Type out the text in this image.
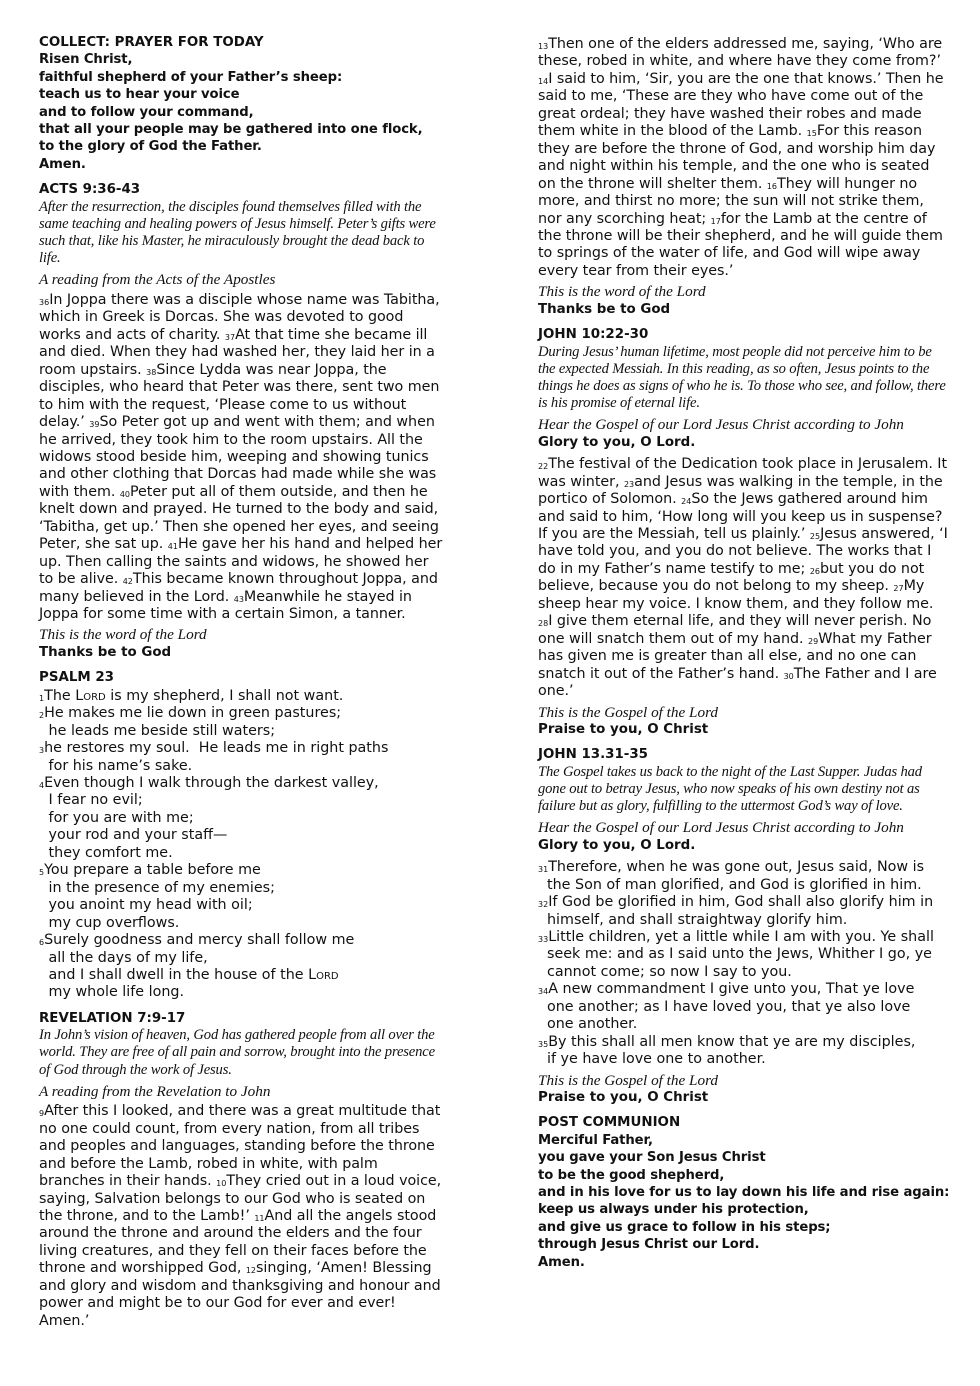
COLLECT: PRAYER FOR TODAY

Risen Christ,
faithful shepherd of your Father’s sheep:
teach us to hear your voice
and to follow your command,
that all your people may be gathered into one flock,
to the glory of God the Father.
Amen.

ACTS 9:36-43

After the resurrection, the disciples found themselves filled with the same teaching and healing powers of Jesus himself. Peter’s gifts were such that, like his Master, he miraculously brought the dead back to life.

A reading from the Acts of the Apostles

$^{36}$In Joppa there was a disciple whose name was Tabitha, which in Greek is Dorcas. She was devoted to good works and acts of charity. $^{37}$At that time she became ill and died. When they had washed her, they laid her in a room upstairs. $^{38}$Since Lydda was near Joppa, the disciples, who heard that Peter was there, sent two men to him with the request, ‘Please come to us without delay.’ $^{39}$So Peter got up and went with them; and when he arrived, they took him to the room upstairs. All the widows stood beside him, weeping and showing tunics and other clothing that Dorcas had made while she was with them. $^{40}$Peter put all of them outside, and then he knelt down and prayed. He turned to the body and said, ‘Tabitha, get up.’ Then she opened her eyes, and seeing Peter, she sat up. $^{41}$He gave her his hand and helped her up. Then calling the saints and widows, he showed her to be alive. $^{42}$This became known throughout Joppa, and many believed in the Lord. $^{43}$Meanwhile he stayed in Joppa for some time with a certain Simon, a tanner.

This is the word of the Lord

Thanks be to God

PSALM 23

$^1$The Lord is my shepherd, I shall not want.
$^2$He makes me lie down in green pastures;
he leads me beside still waters;
$^3$he restores my soul.  He leads me in right paths
for his name’s sake.
$^4$Even though I walk through the darkest valley,
I fear no evil;
for you are with me;
your rod and your staff—
they comfort me.
$^5$You prepare a table before me
in the presence of my enemies;
you anoint my head with oil;
my cup overflows.
$^6$Surely goodness and mercy shall follow me
all the days of my life,
and I shall dwell in the house of the Lord
my whole life long.

REVELATION 7:9-17

In John’s vision of heaven, God has gathered people from all over the world. They are free of all pain and sorrow, brought into the presence of God through the work of Jesus.

A reading from the Revelation to John

$^9$After this I looked, and there was a great multitude that no one could count, from every nation, from all tribes and peoples and languages, standing before the throne and before the Lamb, robed in white, with palm branches in their hands. $^{10}$They cried out in a loud voice, saying, Salvation belongs to our God who is seated on the throne, and to the Lamb!’ $^{11}$And all the angels stood around the throne and around the elders and the four living creatures, and they fell on their faces before the throne and worshipped God, $^{12}$singing, ‘Amen! Blessing and glory and wisdom and thanksgiving and honour and power and might be to our God for ever and ever! Amen.’

$^{13}$Then one of the elders addressed me, saying, ‘Who are these, robed in white, and where have they come from?’ $^{14}$I said to him, ‘Sir, you are the one that knows.’ Then he said to me, ‘These are they who have come out of the great ordeal; they have washed their robes and made them white in the blood of the Lamb. $^{15}$For this reason they are before the throne of God, and worship him day and night within his temple, and the one who is seated on the throne will shelter them. $^{16}$They will hunger no more, and thirst no more; the sun will not strike them, nor any scorching heat; $^{17}$for the Lamb at the centre of the throne will be their shepherd, and he will guide them to springs of the water of life, and God will wipe away every tear from their eyes.’

This is the word of the Lord

Thanks be to God

JOHN 10:22-30

During Jesus’ human lifetime, most people did not perceive him to be the expected Messiah. In this reading, as so often, Jesus points to the things he does as signs of who he is. To those who see, and follow, there is his promise of eternal life.

Hear the Gospel of our Lord Jesus Christ according to John

Glory to you, O Lord.

$^{22}$The festival of the Dedication took place in Jerusalem. It was winter, $^{23}$and Jesus was walking in the temple, in the portico of Solomon. $^{24}$So the Jews gathered around him and said to him, ‘How long will you keep us in suspense? If you are the Messiah, tell us plainly.’ $^{25}$Jesus answered, ‘I have told you, and you do not believe. The works that I do in my Father’s name testify to me; $^{26}$but you do not believe, because you do not belong to my sheep. $^{27}$My sheep hear my voice. I know them, and they follow me. $^{28}$I give them eternal life, and they will never perish. No one will snatch them out of my hand. $^{29}$What my Father has given me is greater than all else, and no one can snatch it out of the Father’s hand. $^{30}$The Father and I are one.’

This is the Gospel of the Lord

Praise to you, O Christ

JOHN 13.31-35

The Gospel takes us back to the night of the Last Supper. Judas had gone out to betray Jesus, who now speaks of his own destiny not as failure but as glory, fulfilling to the uttermost God’s way of love.

Hear the Gospel of our Lord Jesus Christ according to John

Glory to you, O Lord.

$^{31}$Therefore, when he was gone out, Jesus said, Now is
the Son of man glorified, and God is glorified in him.
$^{32}$If God be glorified in him, God shall also glorify him in
himself, and shall straightway glorify him.
$^{33}$Little children, yet a little while I am with you. Ye shall
seek me: and as I said unto the Jews, Whither I go, ye
cannot come; so now I say to you.
$^{34}$A new commandment I give unto you, That ye love
one another; as I have loved you, that ye also love
one another.
$^{35}$By this shall all men know that ye are my disciples,
if ye have love one to another.

This is the Gospel of the Lord

Praise to you, O Christ

POST COMMUNION

Merciful Father,
you gave your Son Jesus Christ
to be the good shepherd,
and in his love for us to lay down his life and rise again:
keep us always under his protection,
and give us grace to follow in his steps;
through Jesus Christ our Lord.
Amen.
